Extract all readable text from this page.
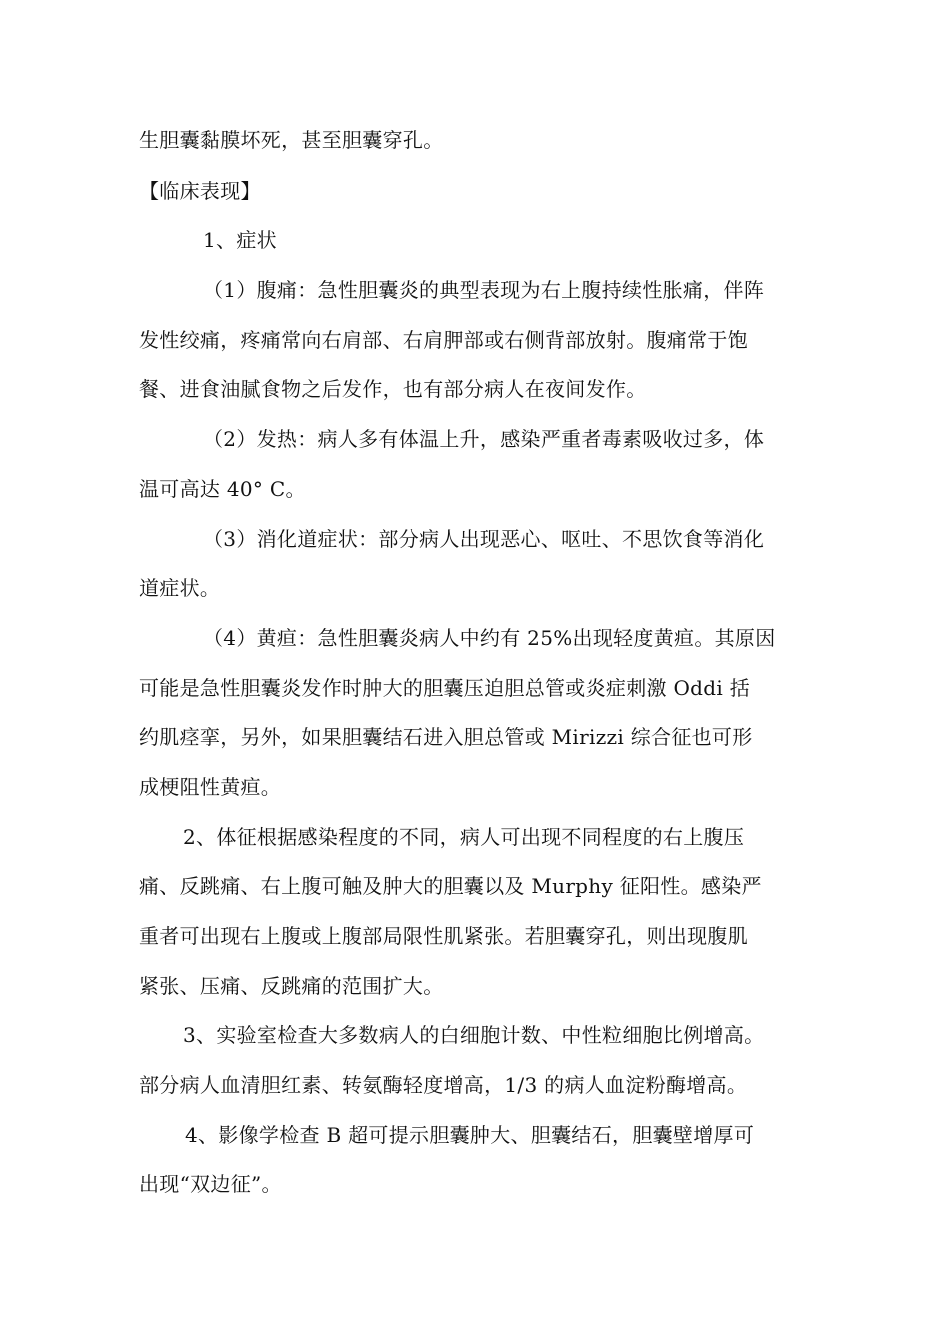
生胆囊黏膜坏死，甚至胆囊穿孔。
【临床表现】
1、症状
（1）腹痛：急性胆囊炎的典型表现为右上腹持续性胀痛，伴阵
发性绞痛，疼痛常向右肩部、右肩胛部或右侧背部放射。腹痛常于饱
餐、进食油腻食物之后发作，也有部分病人在夜间发作。
（2）发热：病人多有体温上升，感染严重者毒素吸收过多，体
温可高达 40° C。
（3）消化道症状：部分病人出现恶心、呕吐、不思饮食等消化
道症状。
（4）黄疸：急性胆囊炎病人中约有 25%出现轻度黄疸。其原因
可能是急性胆囊炎发作时肿大的胆囊压迫胆总管或炎症刺激 Oddi 括
约肌痉挛，另外，如果胆囊结石进入胆总管或 Mirizzi 综合征也可形
成梗阻性黄疸。
2、体征根据感染程度的不同，病人可出现不同程度的右上腹压
痛、反跳痛、右上腹可触及肿大的胆囊以及 Murphy 征阳性。感染严
重者可出现右上腹或上腹部局限性肌紧张。若胆囊穿孔，则出现腹肌
紧张、压痛、反跳痛的范围扩大。
3、实验室检查大多数病人的白细胞计数、中性粒细胞比例增高。
部分病人血清胆红素、转氨酶轻度增高，1/3 的病人血淀粉酶增高。
4、影像学检查 B 超可提示胆囊肿大、胆囊结石，胆囊壁增厚可
出现“双边征”。
